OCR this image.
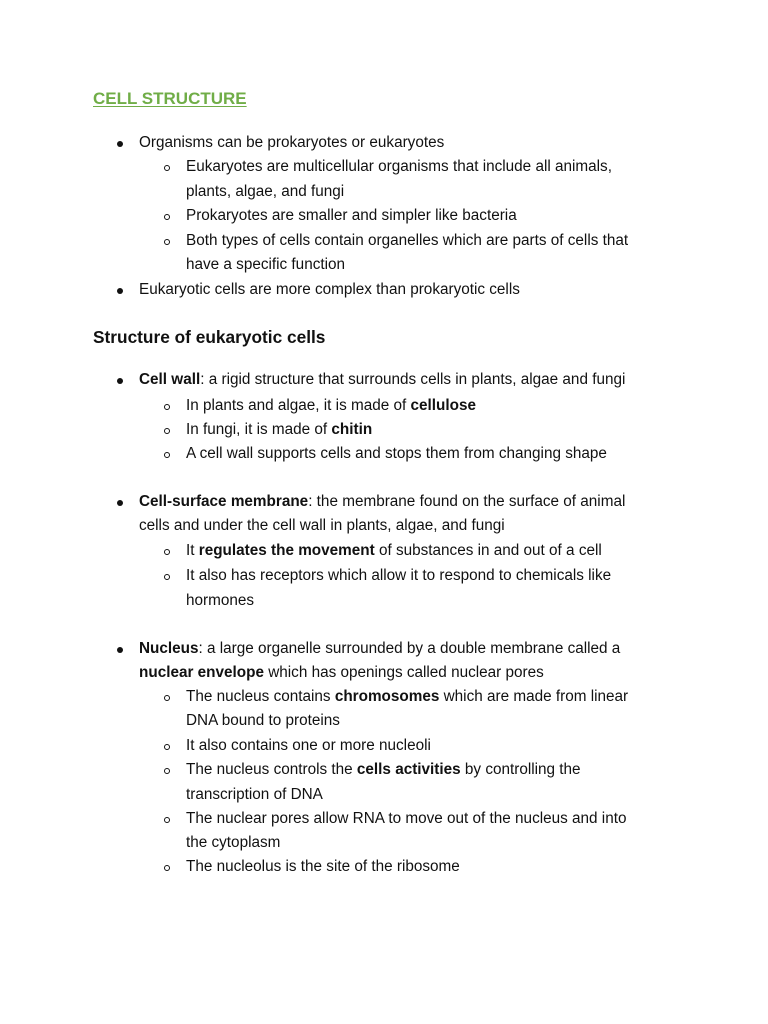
CELL STRUCTURE
Organisms can be prokaryotes or eukaryotes
Eukaryotes are multicellular organisms that include all animals,
plants, algae, and fungi
Prokaryotes are smaller and simpler like bacteria
Both types of cells contain organelles which are parts of cells that
have a specific function
Eukaryotic cells are more complex than prokaryotic cells
Structure of eukaryotic cells
Cell wall: a rigid structure that surrounds cells in plants, algae and fungi
In plants and algae, it is made of cellulose
In fungi, it is made of chitin
A cell wall supports cells and stops them from changing shape
Cell-surface membrane: the membrane found on the surface of animal
cells and under the cell wall in plants, algae, and fungi
It regulates the movement of substances in and out of a cell
It also has receptors which allow it to respond to chemicals like
hormones
Nucleus: a large organelle surrounded by a double membrane called a
nuclear envelope which has openings called nuclear pores
The nucleus contains chromosomes which are made from linear
DNA bound to proteins
It also contains one or more nucleoli
The nucleus controls the cells activities by controlling the
transcription of DNA
The nuclear pores allow RNA to move out of the nucleus and into
the cytoplasm
The nucleolus is the site of the ribosome
